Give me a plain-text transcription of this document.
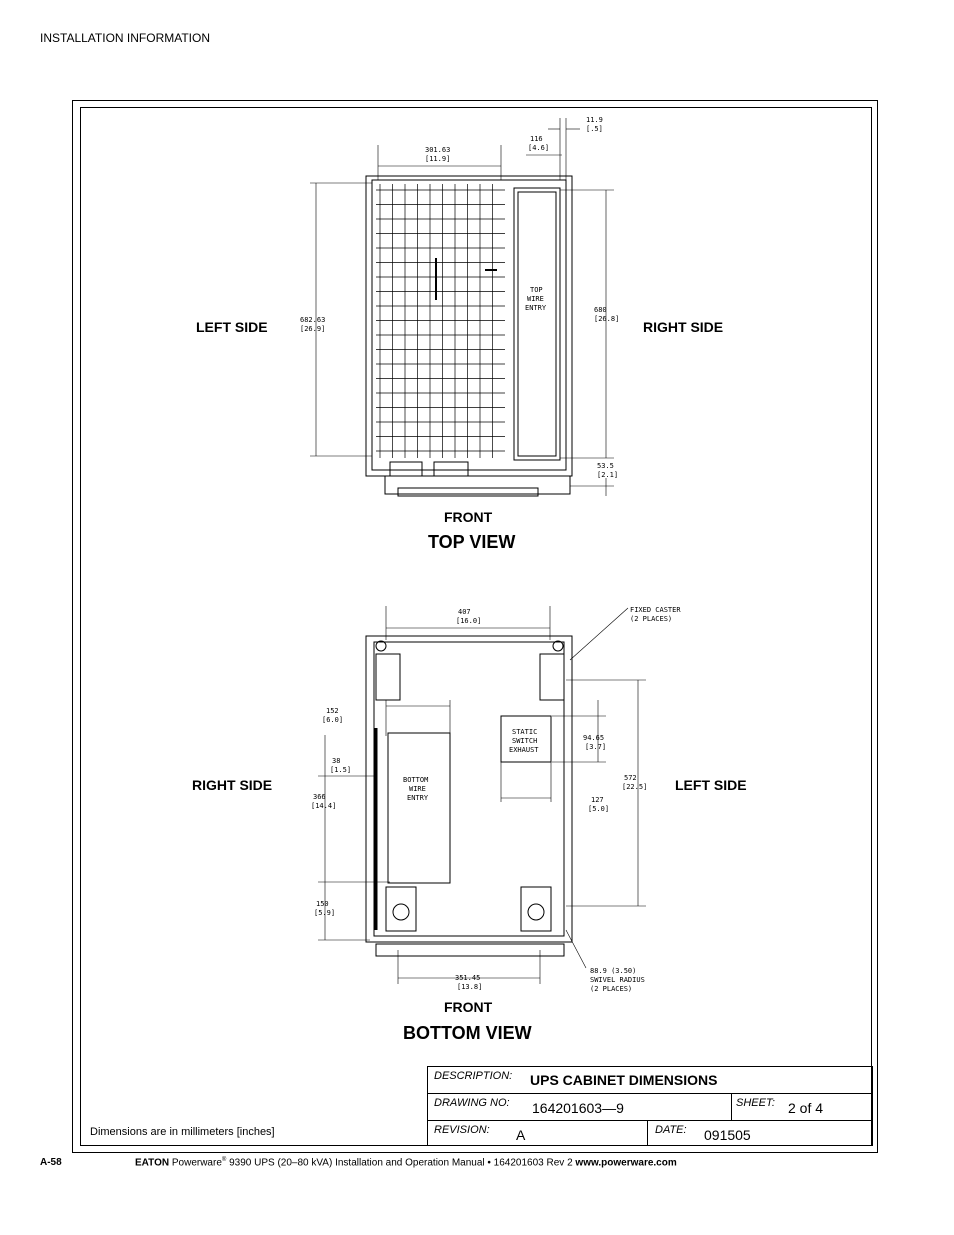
INSTALLATION INFORMATION
301.63
[11.9]
116
[4.6]
11.9
[.5]
682.63
[26.9]
680
[26.8]
53.5
[2.1]
TOP
WIRE
ENTRY
407
[16.0]
152
[6.0]
38
[1.5]
366
[14.4]
150
[5.9]
94.65
[3.7]
127
[5.0]
572
[22.5]
351.45
[13.8]
BOTTOM
WIRE
ENTRY
STATIC
SWITCH
EXHAUST
FIXED CASTER
(2 PLACES)
88.9 (3.50)
SWIVEL RADIUS
(2 PLACES)
LEFT SIDE	RIGHT SIDE
FRONT
TOP VIEW
RIGHT SIDE	LEFT SIDE
FRONT
BOTTOM VIEW
Dimensions are in millimeters [inches]
DESCRIPTION: UPS CABINET DIMENSIONS
DRAWING NO: 164201603—9	SHEET: 2 of 4
REVISION: A	DATE: 091505
A-58	EATON Powerware® 9390 UPS (20–80 kVA) Installation and Operation Manual • 164201603 Rev 2 www.powerware.com
